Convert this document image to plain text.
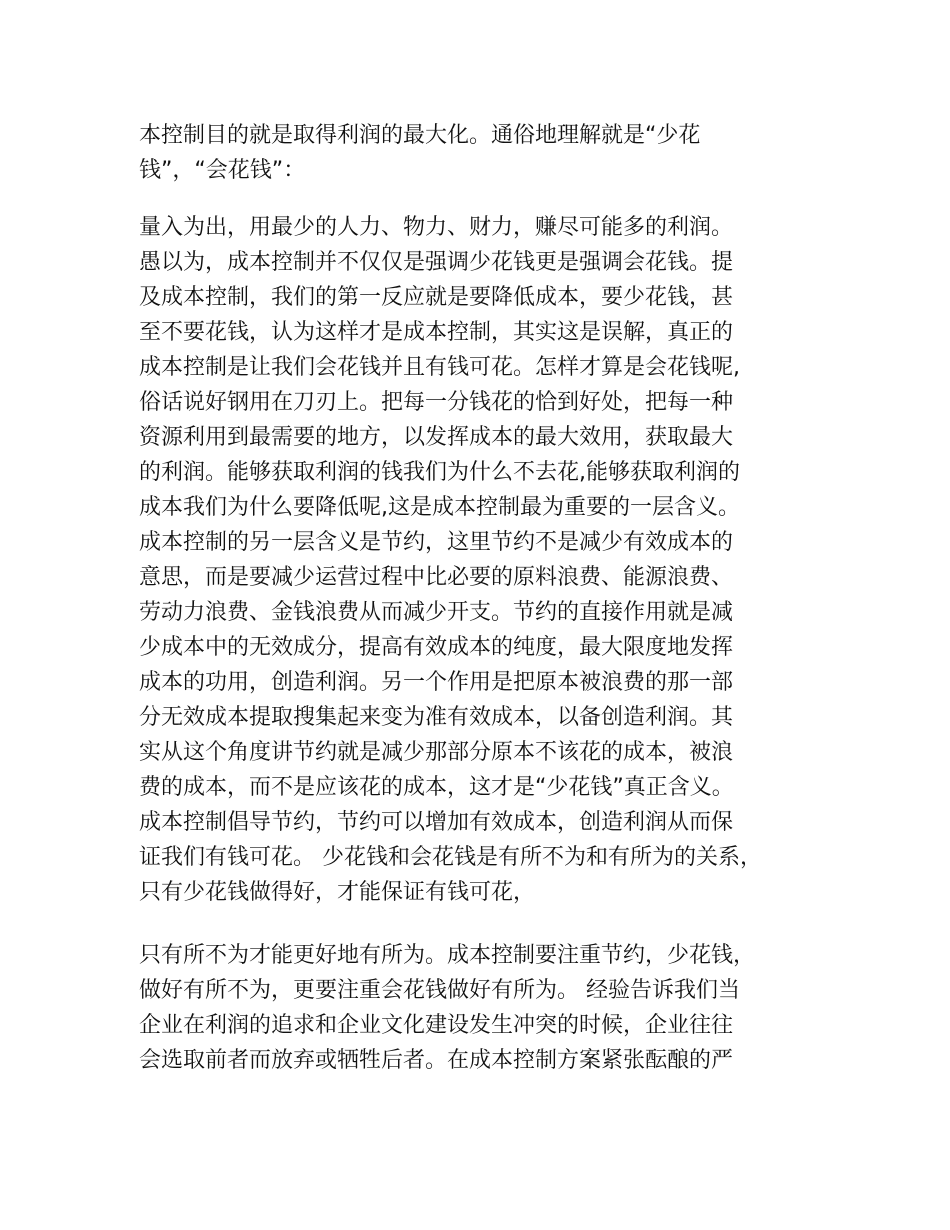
本控制目的就是取得利润的最大化。通俗地理解就是“少花
钱”，“会花钱”：
量入为出，用最少的人力、物力、财力，赚尽可能多的利润。
愚以为，成本控制并不仅仅是强调少花钱更是强调会花钱。提
及成本控制，我们的第一反应就是要降低成本，要少花钱，甚
至不要花钱，认为这样才是成本控制，其实这是误解，真正的
成本控制是让我们会花钱并且有钱可花。怎样才算是会花钱呢,
俗话说好钢用在刀刃上。把每一分钱花的恰到好处，把每一种
资源利用到最需要的地方，以发挥成本的最大效用，获取最大
的利润。能够获取利润的钱我们为什么不去花,能够获取利润的
成本我们为什么要降低呢,这是成本控制最为重要的一层含义。
成本控制的另一层含义是节约，这里节约不是减少有效成本的
意思，而是要减少运营过程中比必要的原料浪费、能源浪费、
劳动力浪费、金钱浪费从而减少开支。节约的直接作用就是减
少成本中的无效成分，提高有效成本的纯度，最大限度地发挥
成本的功用，创造利润。另一个作用是把原本被浪费的那一部
分无效成本提取搜集起来变为准有效成本，以备创造利润。其
实从这个角度讲节约就是减少那部分原本不该花的成本，被浪
费的成本，而不是应该花的成本，这才是“少花钱”真正含义。
成本控制倡导节约，节约可以增加有效成本，创造利润从而保
证我们有钱可花。 少花钱和会花钱是有所不为和有所为的关系，
只有少花钱做得好，才能保证有钱可花，
只有所不为才能更好地有所为。成本控制要注重节约，少花钱，
做好有所不为，更要注重会花钱做好有所为。 经验告诉我们当
企业在利润的追求和企业文化建设发生冲突的时候，企业往往
会选取前者而放弃或牺牲后者。在成本控制方案紧张酝酿的严
